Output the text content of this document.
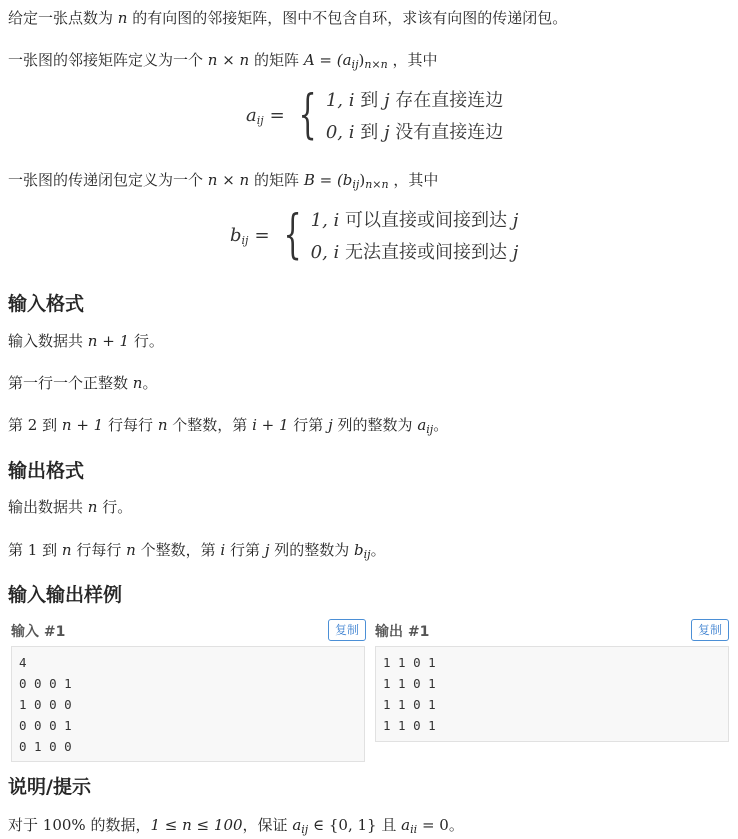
给定一张点数为 n 的有向图的邻接矩阵，图中不包含自环，求该有向图的传递闭包。
一张图的邻接矩阵定义为一个 n × n 的矩阵 $A = (a_{ij})_{n\times n}$ ，其中
$a_{ij}$ = { 1, i 到 j 存在直接连边
0, i 到 j 没有直接连边
一张图的传递闭包定义为一个 n × n 的矩阵 $B = (b_{ij})_{n\times n}$ ，其中
$b_{ij}$ = { 1, i 可以直接或间接到达 j
0, i 无法直接或间接到达 j
输入格式
输入数据共 n + 1 行。
第一行一个正整数 n。
第 2 到 n + 1 行每行 n 个整数，第 i + 1 行第 j 列的整数为 $a_{ij}$。
输出格式
输出数据共 n 行。
第 1 到 n 行每行 n 个整数，第 i 行第 j 列的整数为 $b_{ij}$。
输入输出样例
输入 #1	复制	输出 #1	复制
4
0 0 0 1
1 0 0 0
0 0 0 1
0 1 0 0
1 1 0 1
1 1 0 1
1 1 0 1
1 1 0 1
说明/提示
对于 100% 的数据，1 ≤ n ≤ 100，保证 $a_{ij}$ ∈ {0, 1} 且 $a_{ii} = 0$。
